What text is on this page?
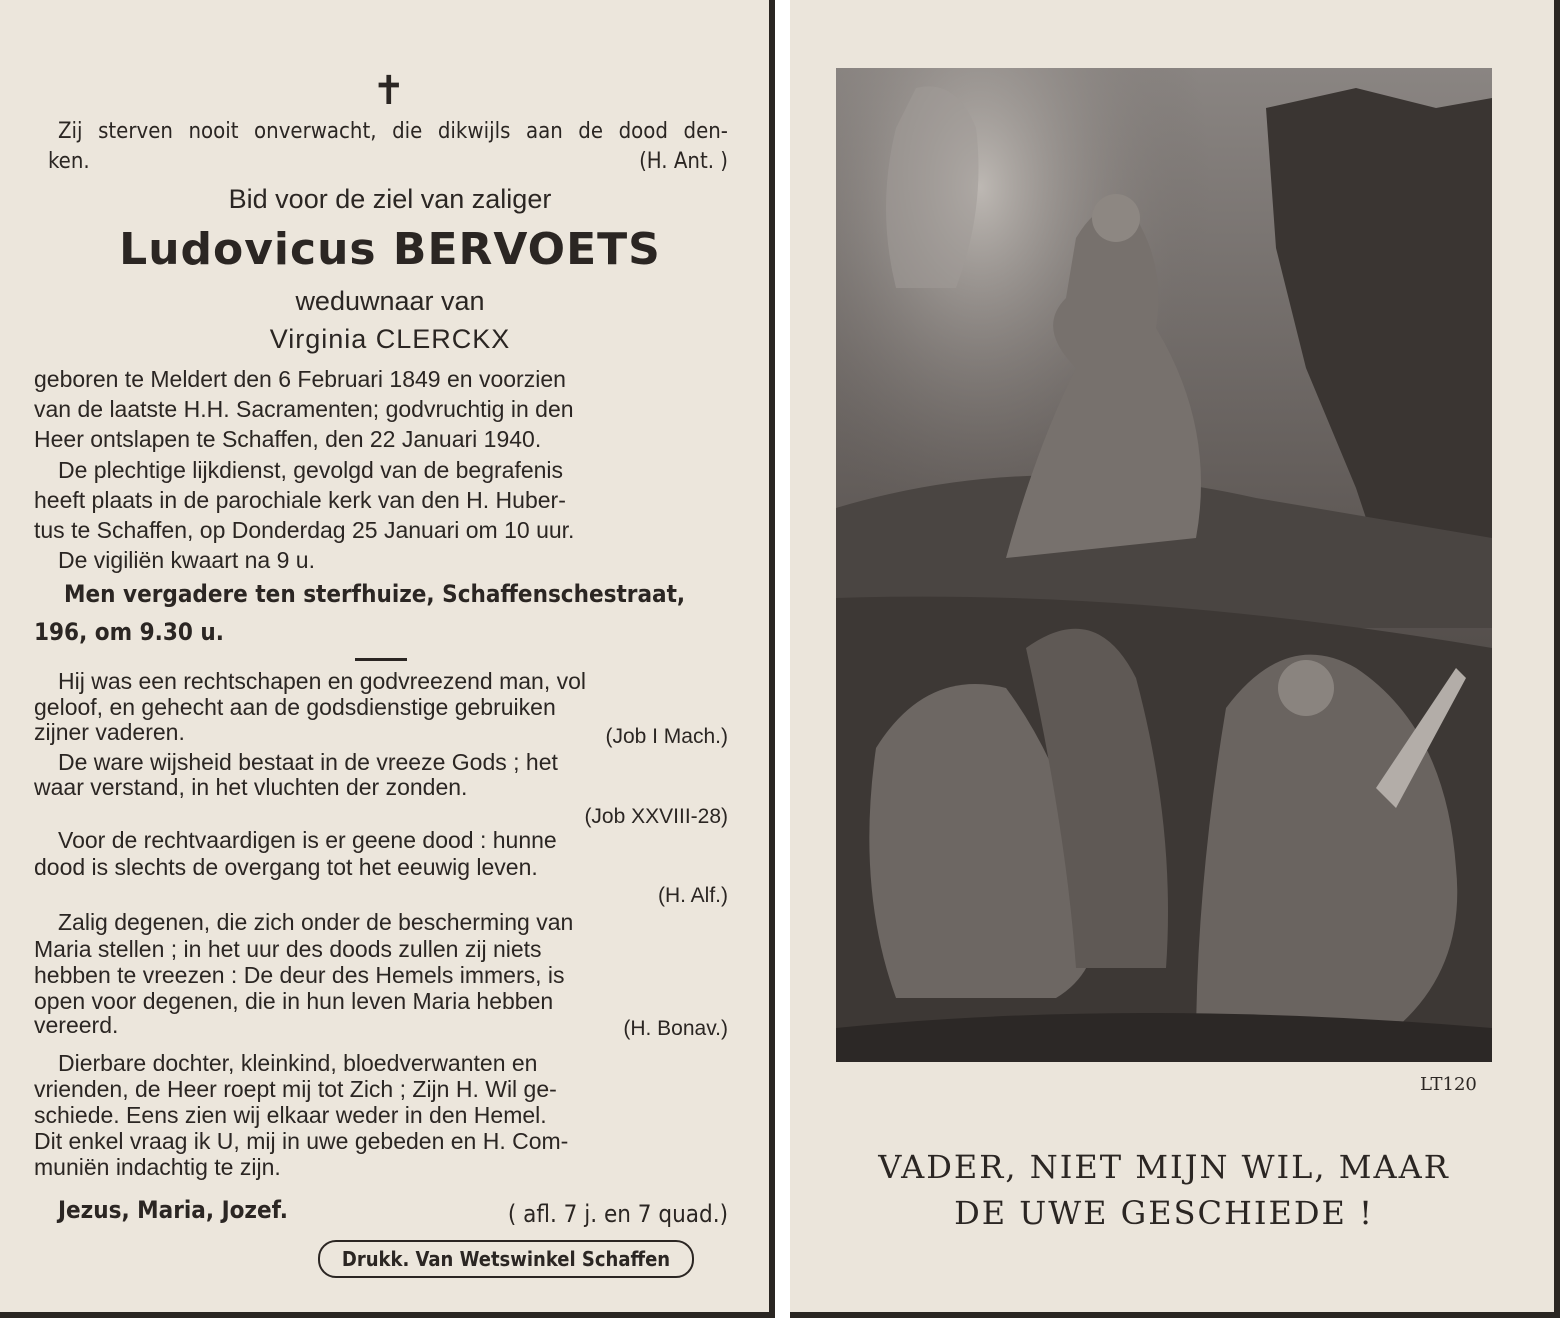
✝
Zij sterven nooit onverwacht, die dikwijls aan de dood den-
ken.	(H. Ant. )
Bid voor de ziel van zaliger
Ludovicus BERVOETS
weduwnaar van
Virginia CLERCKX
geboren te Meldert den 6 Februari 1849 en voorzien
van de laatste H.H. Sacramenten; godvruchtig in den
Heer ontslapen te Schaffen, den 22 Januari 1940.
De plechtige lijkdienst, gevolgd van de begrafenis
heeft plaats in de parochiale kerk van den H. Huber-
tus te Schaffen, op Donderdag 25 Januari om 10 uur.
De vigiliën kwaart na 9 u.
Men vergadere ten sterfhuize, Schaffenschestraat,
196, om 9.30 u.
Hij was een rechtschapen en godvreezend man, vol
geloof, en gehecht aan de godsdienstige gebruiken
zijner vaderen.	(Job I Mach.)
De ware wijsheid bestaat in de vreeze Gods ; het
waar verstand, in het vluchten der zonden.
(Job XXVIII-28)
Voor de rechtvaardigen is er geene dood : hunne
dood is slechts de overgang tot het eeuwig leven.
(H. Alf.)
Zalig degenen, die zich onder de bescherming van
Maria stellen ; in het uur des doods zullen zij niets
hebben te vreezen : De deur des Hemels immers, is
open voor degenen, die in hun leven Maria hebben
vereerd.	(H. Bonav.)
Dierbare dochter, kleinkind, bloedverwanten en
vrienden, de Heer roept mij tot Zich ; Zijn H. Wil ge-
schiede. Eens zien wij elkaar weder in den Hemel.
Dit enkel vraag ik U, mij in uwe gebeden en H. Com-
muniën indachtig te zijn.
Jezus, Maria, Jozef.	( afl. 7 j. en 7 quad.)
Drukk. Van Wetswinkel Schaffen
LT120
VADER, NIET MIJN WIL, MAAR
DE UWE GESCHIEDE !
